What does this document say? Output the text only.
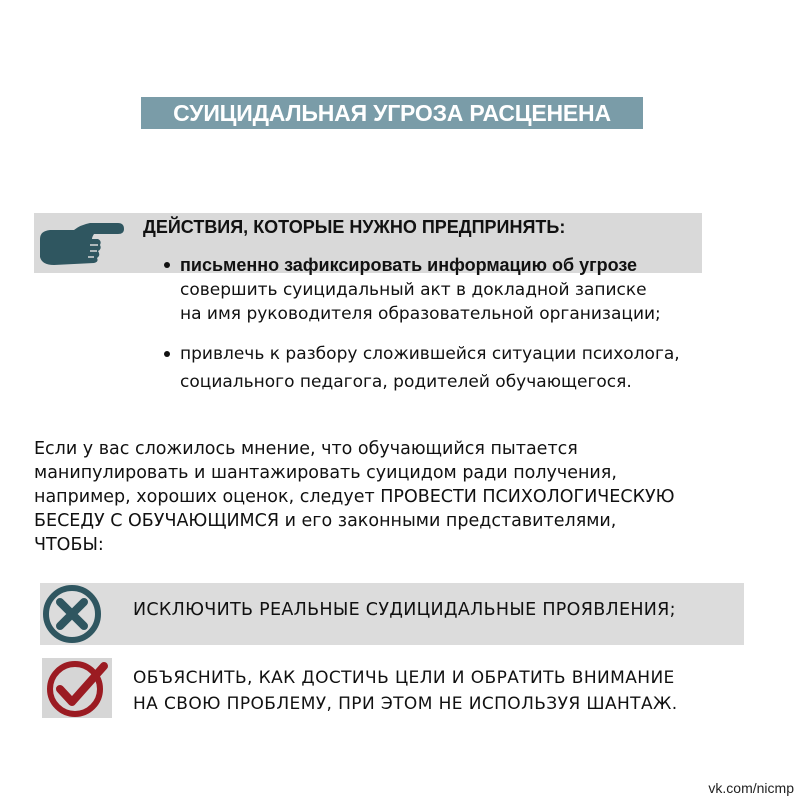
СУИЦИДАЛЬНАЯ УГРОЗА РАСЦЕНЕНА
ДЕЙСТВИЯ, КОТОРЫЕ НУЖНО ПРЕДПРИНЯТЬ:
письменно зафиксировать информацию об угрозе
совершить суицидальный акт в докладной записке
на имя руководителя образовательной организации;
привлечь к разбору сложившейся ситуации психолога,
социального педагога, родителей обучающегося.
Если у вас сложилось мнение, что обучающийся пытается
манипулировать и шантажировать суицидом ради получения,
например, хороших оценок, следует ПРОВЕСТИ ПСИХОЛОГИЧЕСКУЮ
БЕСЕДУ С ОБУЧАЮЩИМСЯ и его законными представителями,
ЧТОБЫ:
ИСКЛЮЧИТЬ РЕАЛЬНЫЕ СУДИЦИДАЛЬНЫЕ ПРОЯВЛЕНИЯ;
ОБЪЯСНИТЬ, КАК ДОСТИЧЬ ЦЕЛИ И ОБРАТИТЬ ВНИМАНИЕ
НА СВОЮ ПРОБЛЕМУ, ПРИ ЭТОМ НЕ ИСПОЛЬЗУЯ ШАНТАЖ.
vk.com/nicmp
